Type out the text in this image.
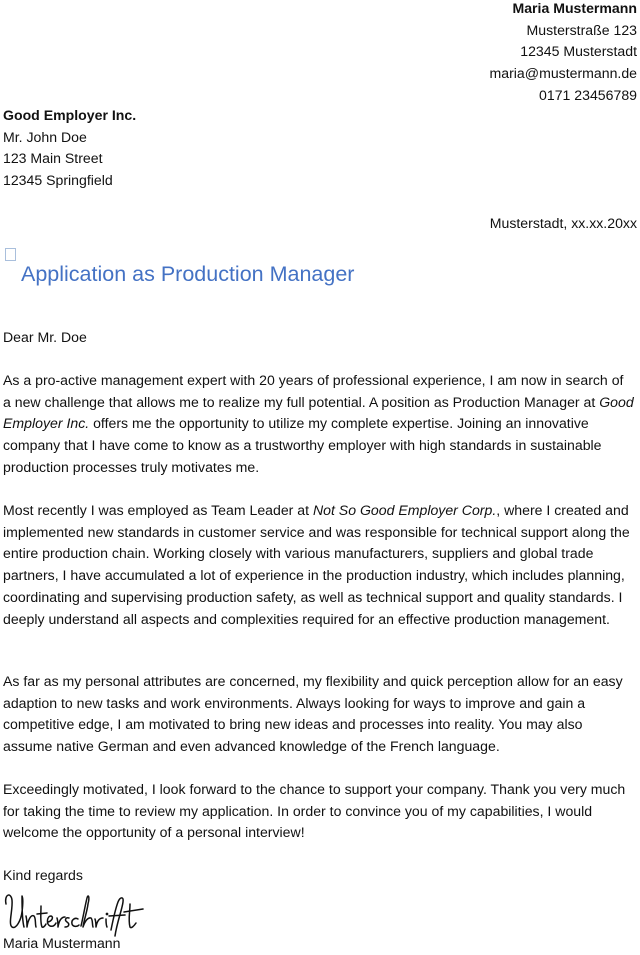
Maria Mustermann
Musterstraße 123
12345 Musterstadt
maria@mustermann.de
0171 23456789
Good Employer Inc.
Mr. John Doe
123 Main Street
12345 Springfield
Musterstadt, xx.xx.20xx
Application as Production Manager
Dear Mr. Doe

As a pro-active management expert with 20 years of professional experience, I am now in search of a new challenge that allows me to realize my full potential. A position as Production Manager at Good Employer Inc. offers me the opportunity to utilize my complete expertise. Joining an innovative company that I have come to know as a trustworthy employer with high standards in sustainable production processes truly motivates me.

Most recently I was employed as Team Leader at Not So Good Employer Corp., where I created and implemented new standards in customer service and was responsible for technical support along the entire production chain. Working closely with various manufacturers, suppliers and global trade partners, I have accumulated a lot of experience in the production industry, which includes planning, coordinating and supervising production safety, as well as technical support and quality standards. I deeply understand all aspects and complexities required for an effective production management.

As far as my personal attributes are concerned, my flexibility and quick perception allow for an easy adaption to new tasks and work environments. Always looking for ways to improve and gain a competitive edge, I am motivated to bring new ideas and processes into reality. You may also assume native German and even advanced knowledge of the French language.

Exceedingly motivated, I look forward to the chance to support your company. Thank you very much for taking the time to review my application. In order to convince you of my capabilities, I would welcome the opportunity of a personal interview!

Kind regards
Maria Mustermann
